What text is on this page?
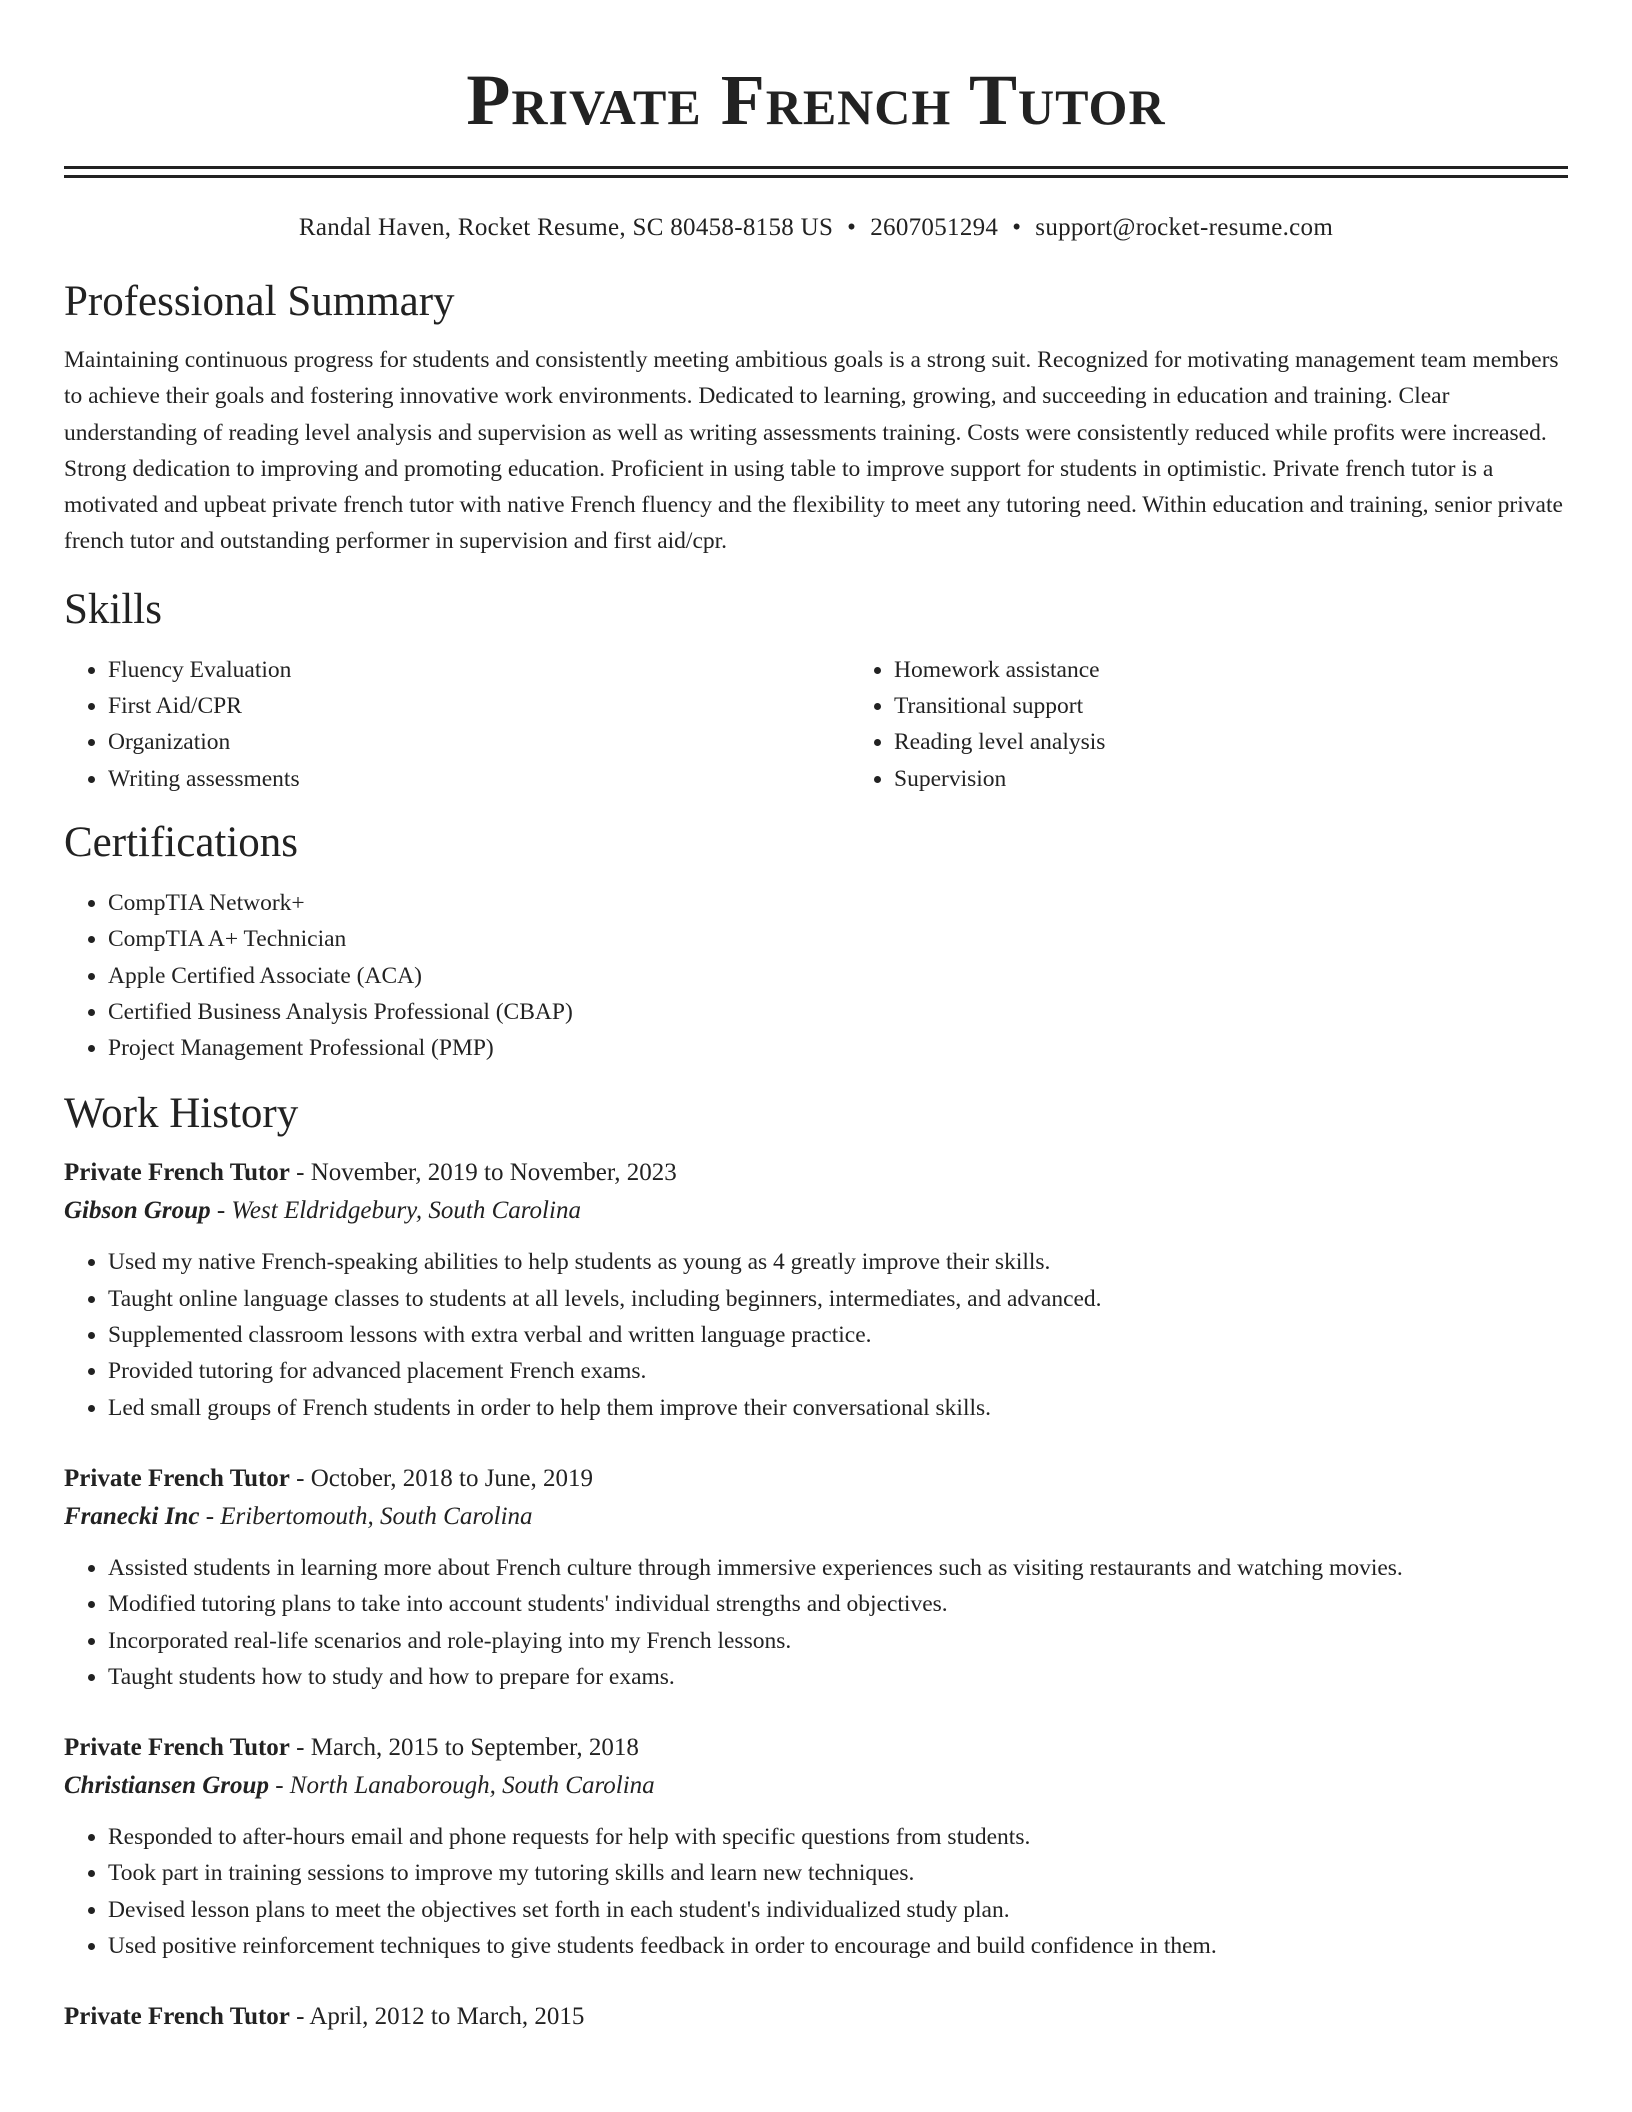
Private French Tutor
Randal Haven, Rocket Resume, SC 80458-8158 US • 2607051294 • support@rocket-resume.com
Professional Summary

Maintaining continuous progress for students and consistently meeting ambitious goals is a strong suit. Recognized for motivating management team members to achieve their goals and fostering innovative work environments. Dedicated to learning, growing, and succeeding in education and training. Clear understanding of reading level analysis and supervision as well as writing assessments training. Costs were consistently reduced while profits were increased. Strong dedication to improving and promoting education. Proficient in using table to improve support for students in optimistic. Private french tutor is a motivated and upbeat private french tutor with native French fluency and the flexibility to meet any tutoring need. Within education and training, senior private french tutor and outstanding performer in supervision and first aid/cpr.

Skills
• Fluency Evaluation
• First Aid/CPR
• Organization
• Writing assessments
• Homework assistance
• Transitional support
• Reading level analysis
• Supervision
Certifications
• CompTIA Network+
• CompTIA A+ Technician
• Apple Certified Associate (ACA)
• Certified Business Analysis Professional (CBAP)
• Project Management Professional (PMP)
Work History
Private French Tutor - November, 2019 to November, 2023
Gibson Group - West Eldridgebury, South Carolina
• Used my native French-speaking abilities to help students as young as 4 greatly improve their skills.
• Taught online language classes to students at all levels, including beginners, intermediates, and advanced.
• Supplemented classroom lessons with extra verbal and written language practice.
• Provided tutoring for advanced placement French exams.
• Led small groups of French students in order to help them improve their conversational skills.
Private French Tutor - October, 2018 to June, 2019
Franecki Inc - Eribertomouth, South Carolina
• Assisted students in learning more about French culture through immersive experiences such as visiting restaurants and watching movies.
• Modified tutoring plans to take into account students' individual strengths and objectives.
• Incorporated real-life scenarios and role-playing into my French lessons.
• Taught students how to study and how to prepare for exams.
Private French Tutor - March, 2015 to September, 2018
Christiansen Group - North Lanaborough, South Carolina
• Responded to after-hours email and phone requests for help with specific questions from students.
• Took part in training sessions to improve my tutoring skills and learn new techniques.
• Devised lesson plans to meet the objectives set forth in each student's individualized study plan.
• Used positive reinforcement techniques to give students feedback in order to encourage and build confidence in them.
Private French Tutor - April, 2012 to March, 2015
